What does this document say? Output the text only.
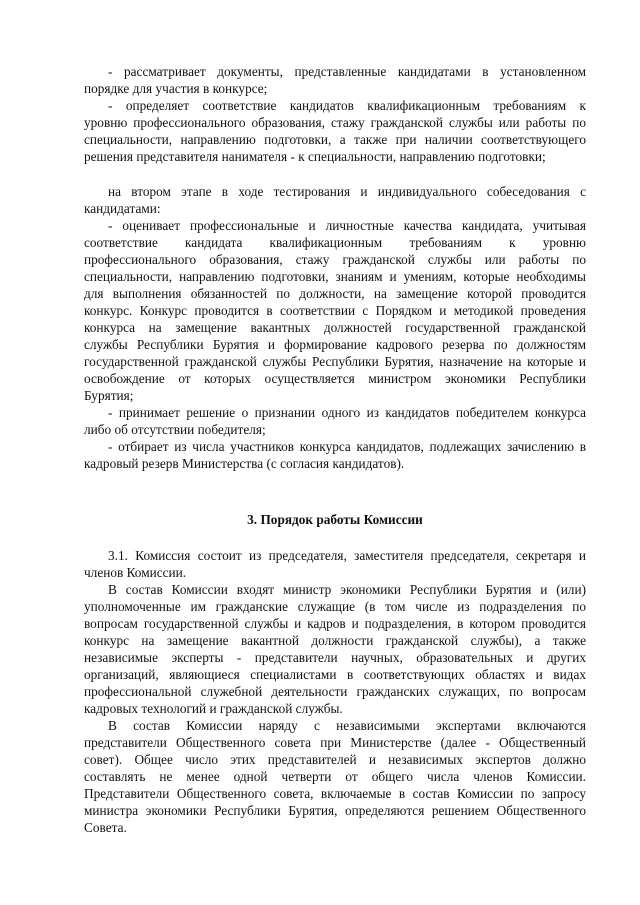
- рассматривает документы, представленные кандидатами в установленном
порядке для участия в конкурсе;
- определяет соответствие кандидатов квалификационным требованиям к
уровню профессионального образования, стажу гражданской службы или работы по
специальности, направлению подготовки, а также при наличии соответствующего
решения представителя нанимателя - к специальности, направлению подготовки;
на втором этапе в ходе тестирования и индивидуального собеседования с
кандидатами:
- оценивает профессиональные и личностные качества кандидата, учитывая
соответствие кандидата квалификационным требованиям к уровню
профессионального образования, стажу гражданской службы или работы по
специальности, направлению подготовки, знаниям и умениям, которые необходимы
для выполнения обязанностей по должности, на замещение которой проводится
конкурс. Конкурс проводится в соответствии с Порядком и методикой проведения
конкурса на замещение вакантных должностей государственной гражданской
службы Республики Бурятия и формирование кадрового резерва по должностям
государственной гражданской службы Республики Бурятия, назначение на которые и
освобождение от которых осуществляется министром экономики Республики
Бурятия;
- принимает решение о признании одного из кандидатов победителем конкурса
либо об отсутствии победителя;
- отбирает из числа участников конкурса кандидатов, подлежащих зачислению в
кадровый резерв Министерства (с согласия кандидатов).
3. Порядок работы Комиссии
3.1. Комиссия состоит из председателя, заместителя председателя, секретаря и
членов Комиссии.
В состав Комиссии входят министр экономики Республики Бурятия и (или)
уполномоченные им гражданские служащие (в том числе из подразделения по
вопросам государственной службы и кадров и подразделения, в котором проводится
конкурс на замещение вакантной должности гражданской службы), а также
независимые эксперты - представители научных, образовательных и других
организаций, являющиеся специалистами в соответствующих областях и видах
профессиональной служебной деятельности гражданских служащих, по вопросам
кадровых технологий и гражданской службы.
В состав Комиссии наряду с независимыми экспертами включаются
представители Общественного совета при Министерстве (далее - Общественный
совет). Общее число этих представителей и независимых экспертов должно
составлять не менее одной четверти от общего числа членов Комиссии.
Представители Общественного совета, включаемые в состав Комиссии по запросу
министра экономики Республики Бурятия, определяются решением Общественного
Совета.
